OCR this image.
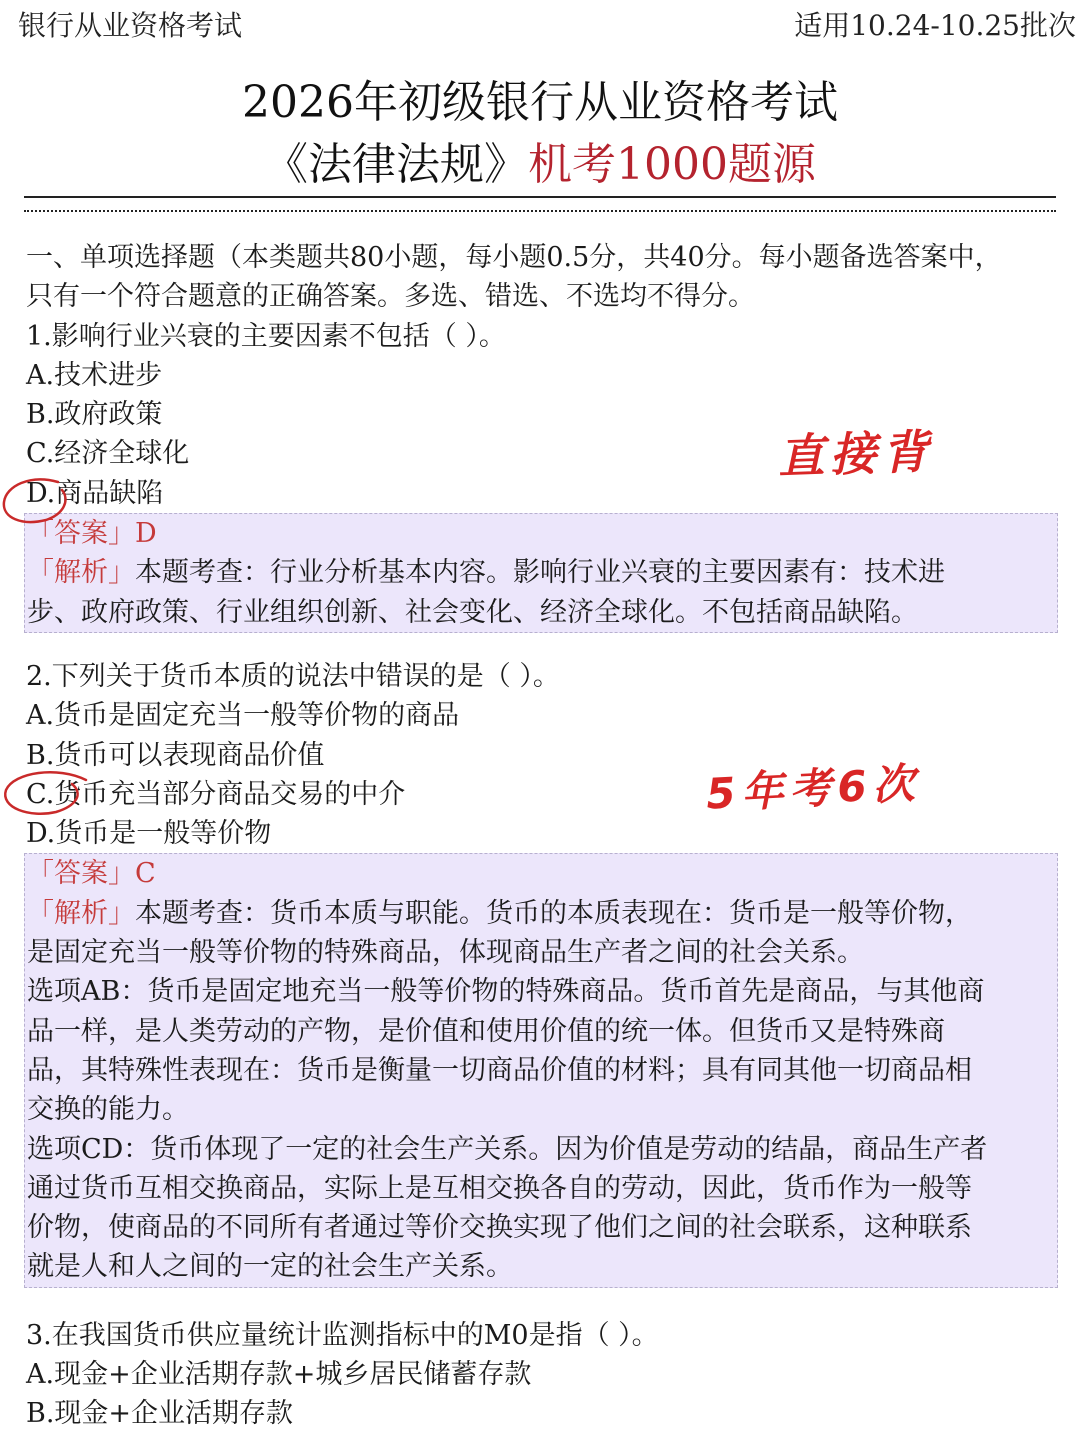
银行从业资格考试	适用10.24-10.25批次
2026年初级银行从业资格考试
《法律法规》机考1000题源
一、单项选择题（本类题共80小题，每小题0.5分，共40分。每小题备选答案中，
只有一个符合题意的正确答案。多选、错选、不选均不得分。
1.影响行业兴衰的主要因素不包括（ ）。
A.技术进步
B.政府政策
C.经济全球化
D.商品缺陷
「答案」D
「解析」本题考查：行业分析基本内容。影响行业兴衰的主要因素有：技术进
步、政府政策、行业组织创新、社会变化、经济全球化。不包括商品缺陷。
2.下列关于货币本质的说法中错误的是（ ）。
A.货币是固定充当一般等价物的商品
B.货币可以表现商品价值
C.货币充当部分商品交易的中介
D.货币是一般等价物
「答案」C
「解析」本题考查：货币本质与职能。货币的本质表现在：货币是一般等价物，
是固定充当一般等价物的特殊商品，体现商品生产者之间的社会关系。
选项AB：货币是固定地充当一般等价物的特殊商品。货币首先是商品，与其他商
品一样，是人类劳动的产物，是价值和使用价值的统一体。但货币又是特殊商
品，其特殊性表现在：货币是衡量一切商品价值的材料；具有同其他一切商品相
交换的能力。
选项CD：货币体现了一定的社会生产关系。因为价值是劳动的结晶，商品生产者
通过货币互相交换商品，实际上是互相交换各自的劳动，因此，货币作为一般等
价物，使商品的不同所有者通过等价交换实现了他们之间的社会联系，这种联系
就是人和人之间的一定的社会生产关系。
3.在我国货币供应量统计监测指标中的M0是指（ ）。
A.现金+企业活期存款+城乡居民储蓄存款
B.现金+企业活期存款
直接背
5年考6次
